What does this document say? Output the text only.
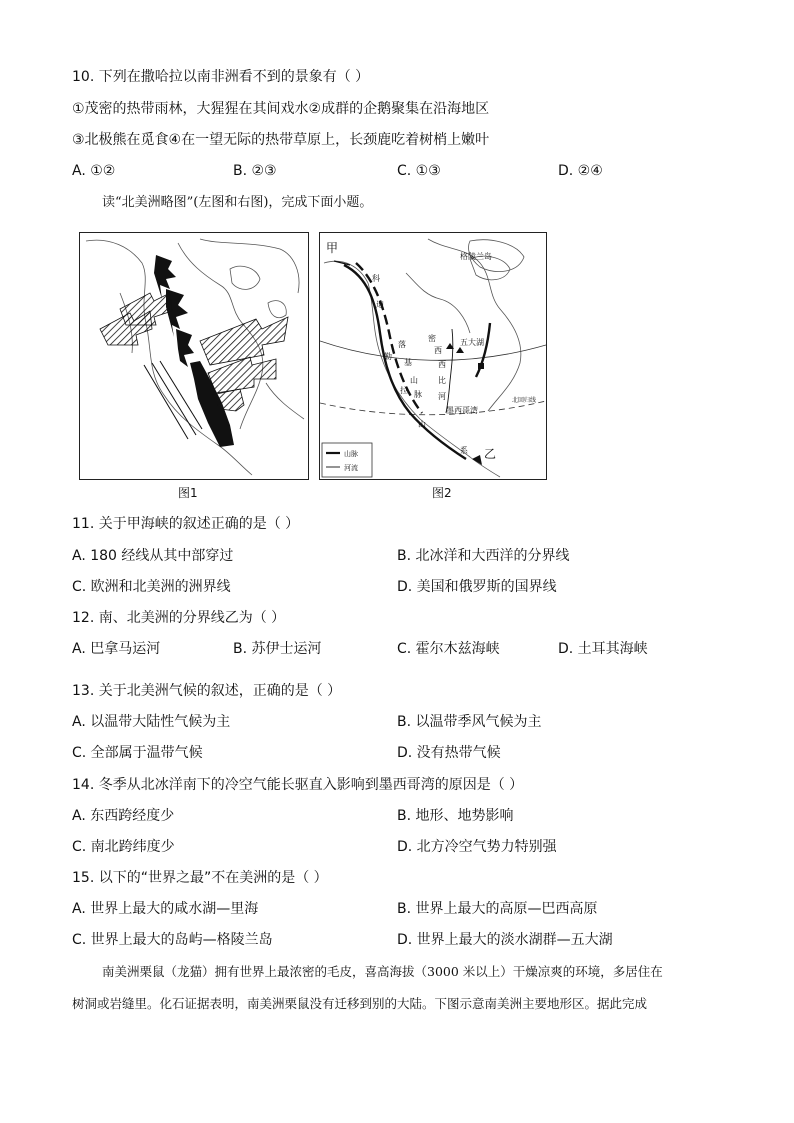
10. 下列在撒哈拉以南非洲看不到的景象有（ ）
①茂密的热带雨林，大猩猩在其间戏水②成群的企鹅聚集在沿海地区
③北极熊在觅食④在一望无际的热带草原上，长颈鹿吃着树梢上嫩叶
A. ①②	B. ②③	C. ①③	D. ②④
读“北美洲略图”(左图和右图)，完成下面小题。
图1
甲
格陵兰岛
科
迪
勒
拉
山
系
落
基
山
脉
密
西
西
比
河
五大湖
墨西哥湾
北回归线
乙
山脉
河流
图2
11. 关于甲海峡的叙述正确的是（ ）
A. 180 经线从其中部穿过	B. 北冰洋和大西洋的分界线
C. 欧洲和北美洲的洲界线	D. 美国和俄罗斯的国界线
12. 南、北美洲的分界线乙为（ ）
A. 巴拿马运河	B. 苏伊士运河	C. 霍尔木兹海峡	D. 土耳其海峡
13. 关于北美洲气候的叙述，正确的是（ ）
A. 以温带大陆性气候为主	B. 以温带季风气候为主
C. 全部属于温带气候	D. 没有热带气候
14. 冬季从北冰洋南下的冷空气能长驱直入影响到墨西哥湾的原因是（ ）
A. 东西跨经度少	B. 地形、地势影响
C. 南北跨纬度少	D. 北方冷空气势力特别强
15. 以下的“世界之最”不在美洲的是（ ）
A. 世界上最大的咸水湖—里海	B. 世界上最大的高原—巴西高原
C. 世界上最大的岛屿—格陵兰岛	D. 世界上最大的淡水湖群—五大湖
南美洲栗鼠（龙猫）拥有世界上最浓密的毛皮，喜高海拔（3000 米以上）干燥凉爽的环境，多居住在
树洞或岩缝里。化石证据表明，南美洲栗鼠没有迁移到别的大陆。下图示意南美洲主要地形区。据此完成
